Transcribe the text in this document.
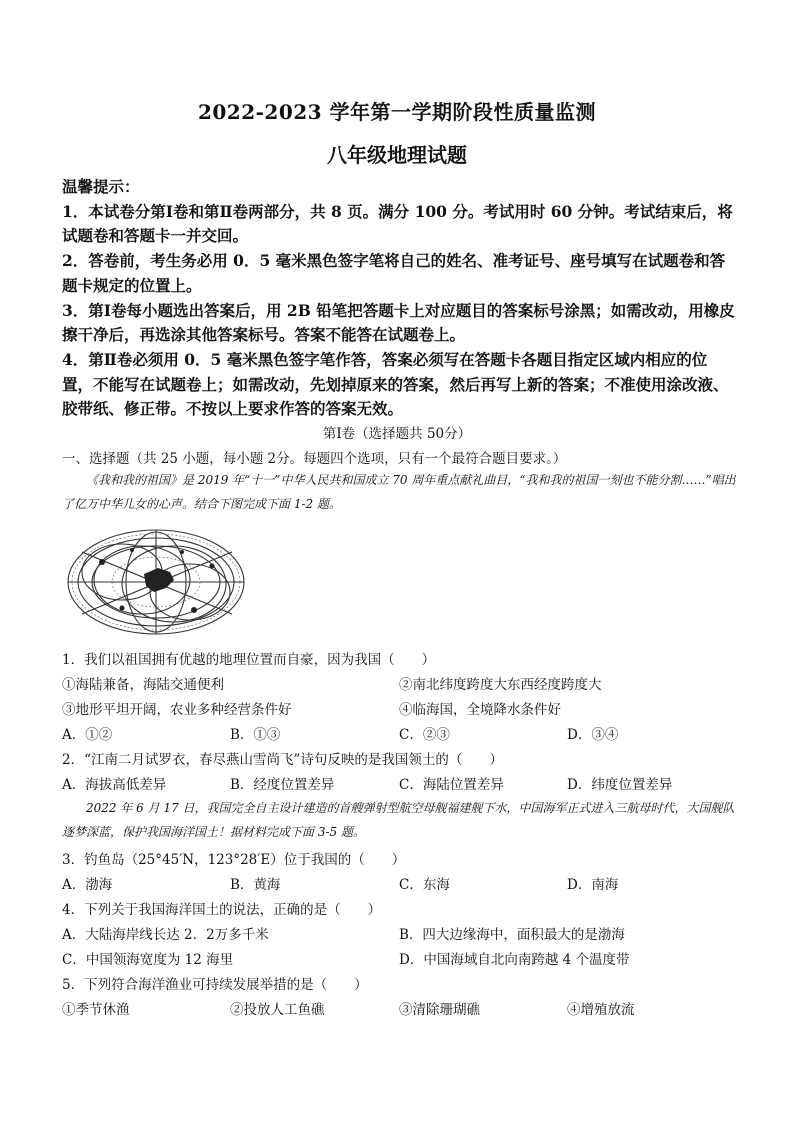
2022-2023 学年第一学期阶段性质量监测
八年级地理试题

温馨提示：

1．本试卷分第Ⅰ卷和第Ⅱ卷两部分，共 8 页。满分 100 分。考试用时 60 分钟。考试结束后，将试题卷和答题卡一并交回。

2．答卷前，考生务必用 0．5 毫米黑色签字笔将自己的姓名、准考证号、座号填写在试题卷和答题卡规定的位置上。

3．第Ⅰ卷每小题选出答案后，用 2B 铅笔把答题卡上对应题目的答案标号涂黑；如需改动，用橡皮擦干净后，再选涂其他答案标号。答案不能答在试题卷上。

4．第Ⅱ卷必须用 0．5 毫米黑色签字笔作答，答案必须写在答题卡各题目指定区域内相应的位置，不能写在试题卷上；如需改动，先划掉原来的答案，然后再写上新的答案；不准使用涂改液、胶带纸、修正带。不按以上要求作答的答案无效。

第Ⅰ卷（选择题共 50分）
一、选择题（共 25 小题，每小题 2分。每题四个选项，只有一个最符合题目要求。）
《我和我的祖国》是 2019 年“十一”中华人民共和国成立 70 周年重点献礼曲目，“我和我的祖国一刻也不能分割……”唱出了亿万中华儿女的心声。结合下图完成下面 1-2 题。
1．我们以祖国拥有优越的地理位置而自豪，因为我国（　　）
①海陆兼备，海陆交通便利	②南北纬度跨度大东西经度跨度大
③地形平坦开阔，农业多种经营条件好	④临海国，全境降水条件好
A．①②	B．①③	C．②③	D．③④
2．“江南二月试罗衣，春尽燕山雪尚飞”诗句反映的是我国领土的（　　）
A．海拔高低差异	B．经度位置差异	C．海陆位置差异	D．纬度位置差异
2022 年 6 月 17 日，我国完全自主设计建造的首艘弹射型航空母舰福建舰下水，中国海军正式进入三航母时代，大国舰队逐梦深蓝，保护我国海洋国土！据材料完成下面 3-5 题。
3．钓鱼岛（25°45′N，123°28′E）位于我国的（　　）
A．渤海	B．黄海	C．东海	D．南海
4．下列关于我国海洋国土的说法，正确的是（　　）
A．大陆海岸线长达 2．2万多千米	B．四大边缘海中，面积最大的是渤海
C．中国领海宽度为 12 海里	D．中国海域自北向南跨越 4 个温度带
5．下列符合海洋渔业可持续发展举措的是（　　）
①季节休渔	②投放人工鱼礁	③清除珊瑚礁	④增殖放流
